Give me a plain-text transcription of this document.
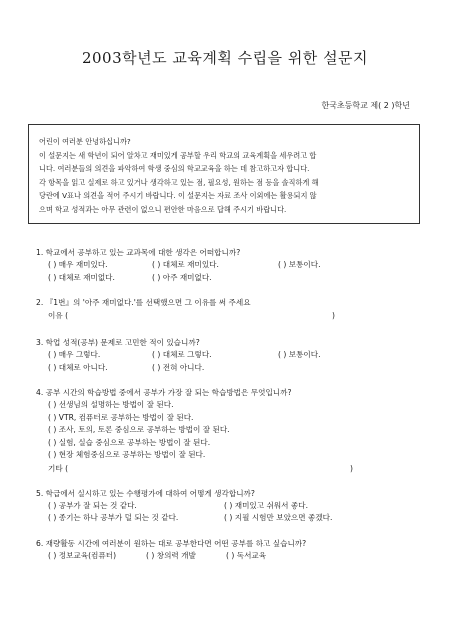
2003학년도 교육계획 수립을 위한 설문지
한국초등학교 제( 2 )학년
어린이 여러분 안녕하십니까?
이 설문지는 새 학년이 되어 알차고 재미있게 공부할 우리 학교의 교육계획을 세우려고 합
니다. 여러분들의 의견을 파악하여 학생 중심의 학교교육을 하는 데 참고하고자 합니다.
각 항목을 읽고 실제로 하고 있거나 생각하고 있는 점, 필요성, 원하는 점 등을 솔직하게 해
당란에 V표나 의견을 적어 주시기 바랍니다. 이 설문지는 자료 조사 이외에는 활용되지 않
으며 학교 성적과는 아무 관련이 없으니 편안한 마음으로 답해 주시기 바랍니다.
1. 학교에서 공부하고 있는 교과목에 대한 생각은 어떠합니까?
( ) 매우 재미있다.	( ) 대체로 재미있다.	( ) 보통이다.
( ) 대체로 재미없다.	( ) 아주 재미없다.
2. 『1번』의 '아주 재미없다.'를 선택했으면 그 이유를 써 주세요
이유 (	)
3. 학업 성적(공부) 문제로 고민한 적이 있습니까?
( ) 매우 그렇다.	( ) 대체로 그렇다.	( ) 보통이다.
( ) 대체로 아니다.	( ) 전혀 아니다.
4. 공부 시간의 학습방법 중에서 공부가 가장 잘 되는 학습방법은 무엇입니까?
( ) 선생님의 설명하는 방법이 잘 된다.
( ) VTR, 컴퓨터로 공부하는 방법이 잘 된다.
( ) 조사, 토의, 토론 중심으로 공부하는 방법이 잘 된다.
( ) 실험, 실습 중심으로 공부하는 방법이 잘 된다.
( ) 현장 체험중심으로 공부하는 방법이 잘 된다.
기타 (	)
5. 학급에서 실시하고 있는 수행평가에 대하여 어떻게 생각합니까?
( ) 공부가 잘 되는 것 같다.	( ) 재미있고 쉬워서 좋다.
( ) 종기는 하나 공부가 덜 되는 것 같다.	( ) 지필 시험만 보았으면 좋겠다.
6. 재량활동 시간에 여러분이 원하는 대로 공부한다면 어떤 공부를 하고 싶습니까?
( ) 정보교육(컴퓨터)	( ) 창의력 개발	( ) 독서교육
